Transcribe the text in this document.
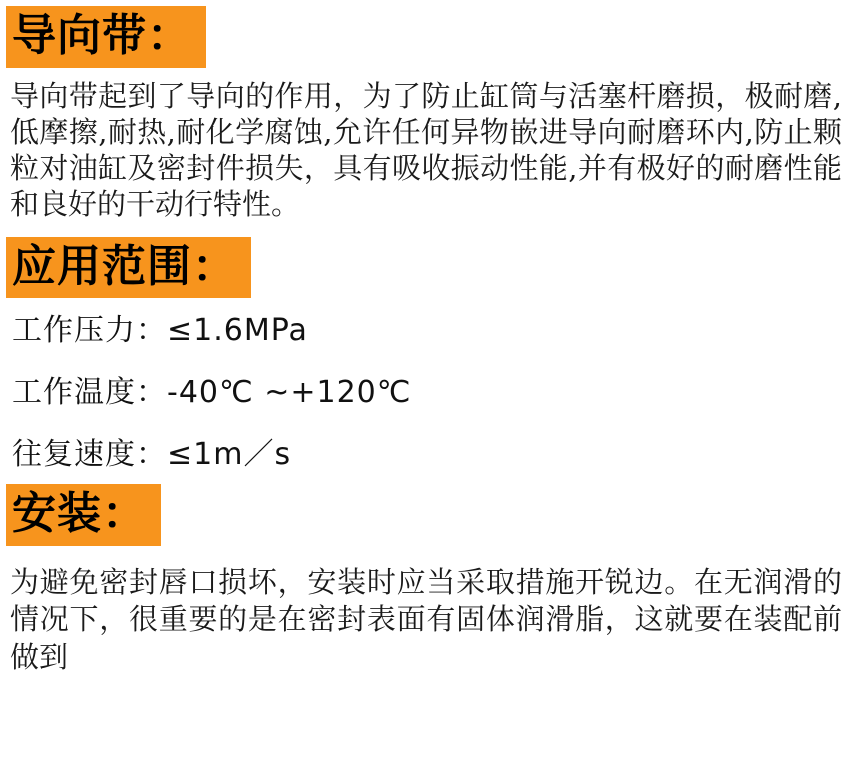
导向带：

导向带起到了导向的作用，为了防止缸筒与活塞杆磨损，极耐磨,低摩擦,耐热,耐化学腐蚀,允许任何异物嵌进导向耐磨环内,防止颗粒对油缸及密封件损失，具有吸收振动性能,并有极好的耐磨性能和良好的干动行特性。

应用范围：
工作压力：≤1.6MPa
工作温度：-40℃ ~+120℃
往复速度：≤1m／s
安装：

为避免密封唇口损坏，安装时应当采取措施开锐边。在无润滑的情况下，很重要的是在密封表面有固体润滑脂，这就要在装配前做到
